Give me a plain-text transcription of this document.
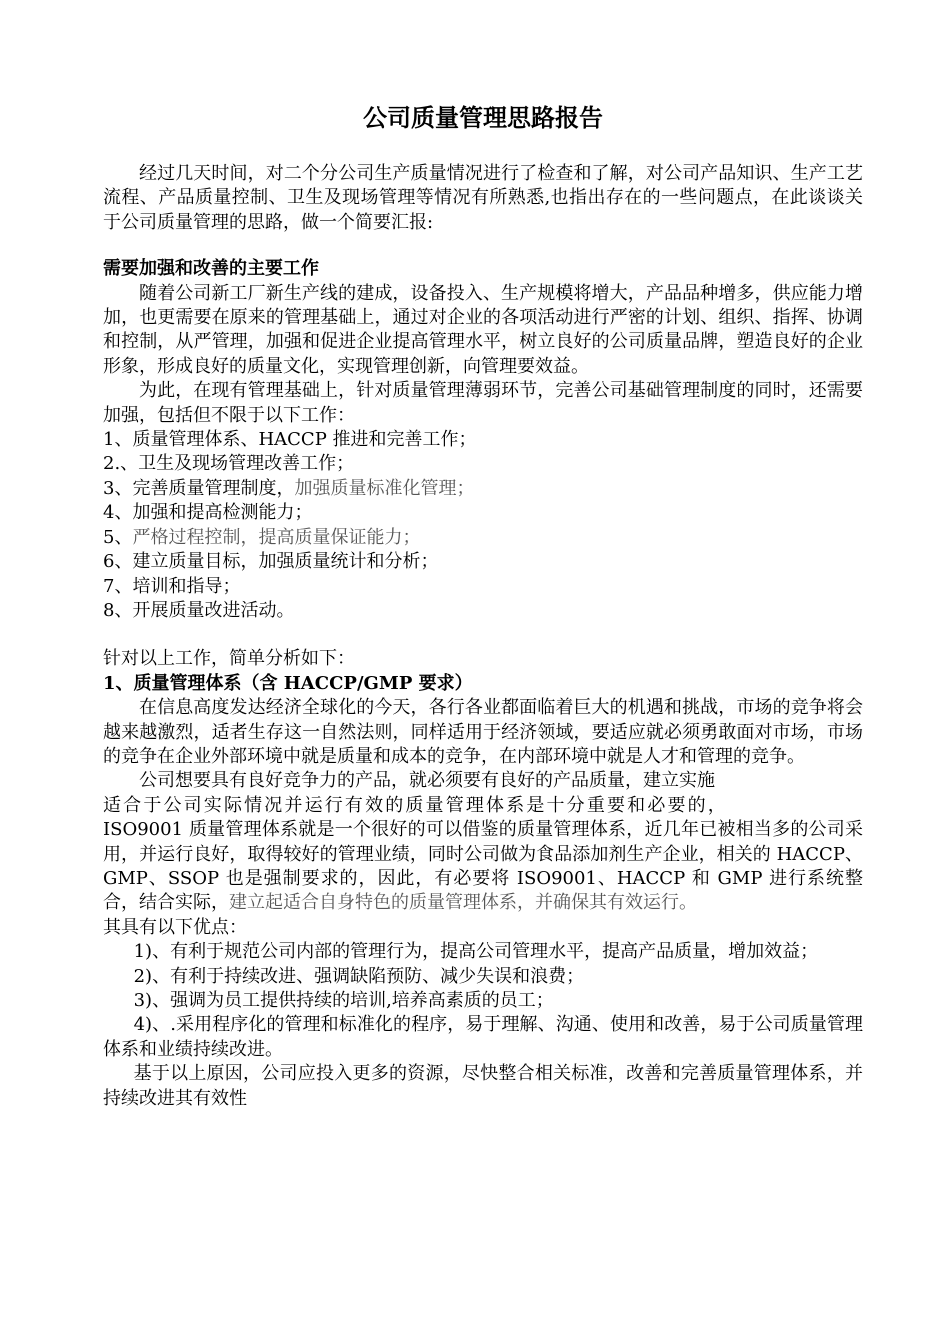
公司质量管理思路报告

经过几天时间，对二个分公司生产质量情况进行了检查和了解，对公司产品知识、生产工艺流程、产品质量控制、卫生及现场管理等情况有所熟悉,也指出存在的一些问题点，在此谈谈关于公司质量管理的思路，做一个简要汇报:

需要加强和改善的主要工作

随着公司新工厂新生产线的建成，设备投入、生产规模将增大，产品品种增多，供应能力增加，也更需要在原来的管理基础上，通过对企业的各项活动进行严密的计划、组织、指挥、协调和控制，从严管理，加强和促进企业提高管理水平，树立良好的公司质量品牌，塑造良好的企业形象，形成良好的质量文化，实现管理创新，向管理要效益。

为此，在现有管理基础上，针对质量管理薄弱环节，完善公司基础管理制度的同时，还需要加强，包括但不限于以下工作：

1、质量管理体系、HACCP 推进和完善工作；

2.、卫生及现场管理改善工作；

3、完善质量管理制度，加强质量标准化管理；

4、加强和提高检测能力；

5、严格过程控制，提高质量保证能力；

6、建立质量目标，加强质量统计和分析；

7、培训和指导；

8、开展质量改进活动。

针对以上工作，简单分析如下：

1、质量管理体系（含 HACCP/GMP 要求）

在信息高度发达经济全球化的今天，各行各业都面临着巨大的机遇和挑战，市场的竞争将会越来越激烈，适者生存这一自然法则，同样适用于经济领域，要适应就必须勇敢面对市场，市场的竞争在企业外部环境中就是质量和成本的竞争，在内部环境中就是人才和管理的竞争。

公司想要具有良好竞争力的产品，就必须要有良好的产品质量，建立实施
适合于公司实际情况并运行有效的质量管理体系是十分重要和必要的，
ISO9001 质量管理体系就是一个很好的可以借鉴的质量管理体系，近几年已被相当多的公司采用，并运行良好，取得较好的管理业绩，同时公司做为食品添加剂生产企业，相关的 HACCP、GMP、SSOP 也是强制要求的，因此，有必要将 ISO9001、HACCP 和 GMP 进行系统整合，结合实际，建立起适合自身特色的质量管理体系，并确保其有效运行。

其具有以下优点：

1)、有利于规范公司内部的管理行为，提高公司管理水平，提高产品质量，增加效益；

2)、有利于持续改进、强调缺陷预防、减少失误和浪费；

3)、强调为员工提供持续的培训,培养高素质的员工；

4)、.采用程序化的管理和标准化的程序，易于理解、沟通、使用和改善，易于公司质量管理体系和业绩持续改进。

基于以上原因，公司应投入更多的资源，尽快整合相关标准，改善和完善质量管理体系，并持续改进其有效性
